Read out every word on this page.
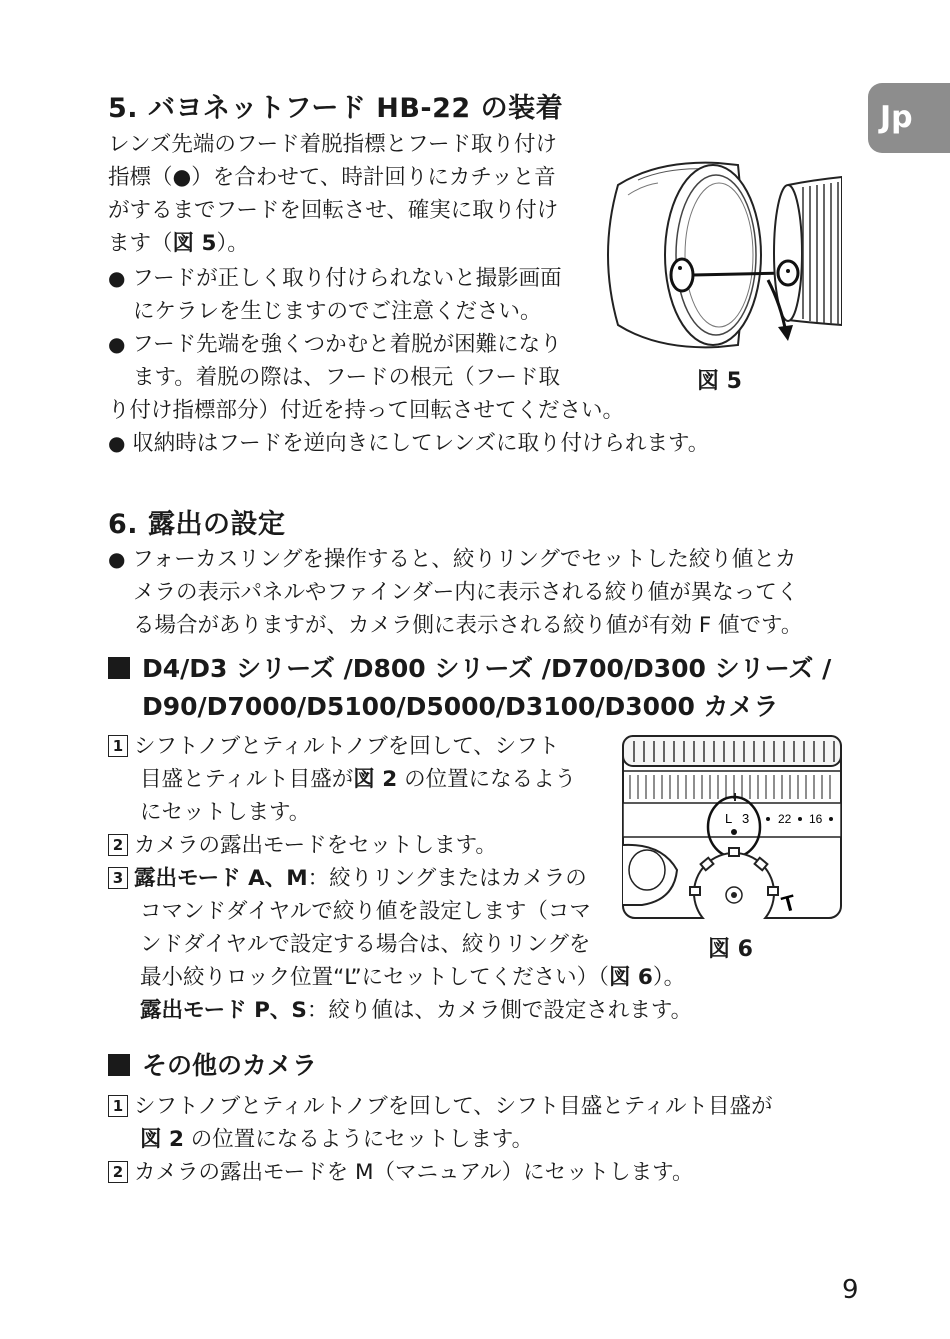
Jp
5. バヨネットフード HB-22 の装着
レンズ先端のフード着脱指標とフード取り付け
指標（●）を合わせて、時計回りにカチッと音
がするまでフードを回転させ、確実に取り付け
ます（図 5）。
● フードが正しく取り付けられないと撮影画面
にケラレを生じますのでご注意ください。
● フード先端を強くつかむと着脱が困難になり
ます。着脱の際は、フードの根元（フード取
り付け指標部分）付近を持って回転させてください。
● 収納時はフードを逆向きにしてレンズに取り付けられます。
図 5
6. 露出の設定
● フォーカスリングを操作すると、絞りリングでセットした絞り値とカ
メラの表示パネルやファインダー内に表示される絞り値が異なってく
る場合がありますが、カメラ側に表示される絞り値が有効 F 値です。
D4/D3 シリーズ /D800 シリーズ /D700/D300 シリーズ /
D90/D7000/D5100/D5000/D3100/D3000 カメラ
1 シフトノブとティルトノブを回して、シフト
目盛とティルト目盛が図 2 の位置になるよう
にセットします。
2 カメラの露出モードをセットします。
3 露出モード A、M：絞りリングまたはカメラの
コマンドダイヤルで絞り値を設定します（コマ
ンドダイヤルで設定する場合は、絞りリングを
最小絞りロック位置“L”にセットしてください）（図 6）。
露出モード P、S：絞り値は、カメラ側で設定されます。
L 3 22 16
T
図 6
その他のカメラ
1 シフトノブとティルトノブを回して、シフト目盛とティルト目盛が
図 2 の位置になるようにセットします。
2 カメラの露出モードを M（マニュアル）にセットします。
9
